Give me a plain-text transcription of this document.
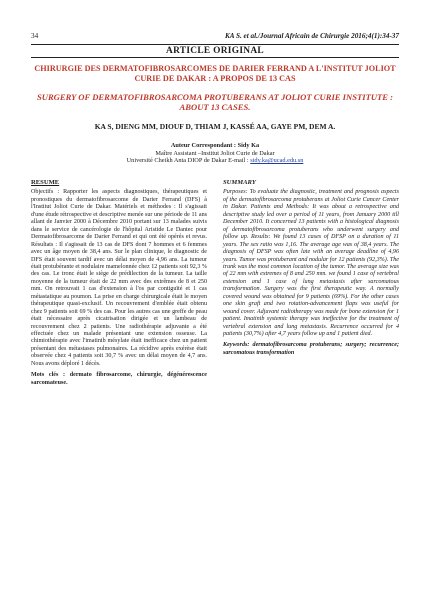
34	KA S. et al./Journal Africain de Chirurgie 2016;4(1):34-37
ARTICLE ORIGINAL
CHIRURGIE DES DERMATOFIBROSARCOMES DE DARIER FERRAND A L'INSTITUT JOLIOT CURIE DE DAKAR : A PROPOS DE 13 CAS
SURGERY OF DERMATOFIBROSARCOMA PROTUBERANS AT JOLIOT CURIE INSTITUTE : ABOUT 13 CASES.
KA S, DIENG MM, DIOUF D, THIAM J, KASSÉ AA, GAYE PM, DEM A.
Auteur Correspondant : Sidy Ka
Maître Assistant –Institut Joliot Curie de Dakar
Université Cheikh Anta DIOP de Dakar E-mail : sidy.ka@ucad.edu.sn
RESUME
Objectifs : Rapporter les aspects diagnostiques, thérapeutiques et pronostiques du dermatofibrosarcome de Darier Ferrand (DFS) à l'Institut Joliot Curie de Dakar. Matériels et méthodes : Il s'agissait d'une étude rétrospective et descriptive menée sur une période de 11 ans allant de Janvier 2000 à Décembre 2010 portant sur 13 malades suivis dans le service de cancérologie de l'hôpital Aristide Le Dantec pour Dermatofibrosarcome de Darier Ferrand et qui ont été opérés et revus. Résultats : Il s'agissait de 13 cas de DFS dont 7 hommes et 6 femmes avec un âge moyen de 38,4 ans. Sur le plan clinique, le diagnostic de DFS était souvent tardif avec un délai moyen de 4,96 ans. La tumeur était protubérante et nodulaire mamelonnée chez 12 patients soit 92,3 % des cas. Le tronc était le siège de prédilection de la tumeur. La taille moyenne de la tumeur était de 22 mm avec des extrêmes de 8 et 250 mm. On retrouvait 1 cas d'extension à l'os par contiguïté et 1 cas métastatique au poumon. La prise en charge chirurgicale était le moyen thérapeutique quasi-exclusif. Un recouvrement d'emblée était obtenu chez 9 patients soit 69 % des cas. Pour les autres cas une greffe de peau était nécessaire après cicatrisation dirigée et un lambeau de recouvrement chez 2 patients. Une radiothérapie adjuvante a été effectuée chez un malade présentant une extension osseuse. La chimiothérapie avec l'imatinib mésylate était inefficace chez un patient présentant des métastases pulmonaires. La récidive après exérèse était observée chez 4 patients soit 30,7 % avec un délai moyen de 4,7 ans. Nous avons déploré 1 décès.
Mots clés : dermato fibrosarcome, chirurgie, dégénérescence sarcomateuse.
SUMMARY
Purposes: To evaluate the diagnostic, treatment and prognosis aspects of the dermatofibrosarcoma protuberans at Joliot Curie Cancer Center in Dakar. Patients and Methods: It was about a retrospective and descriptive study led over a period of 11 years, from January 2000 till December 2010. It concerned 13 patients with a histological diagnosis of dermatofibrosarcoma protuberans who underwent surgery and follow up. Results: We found 13 cases of DFSP on a duration of 11 years. The sex ratio was 1,16. The average age was of 38,4 years. The diagnosis of DFSP was often late with an average deadline of 4,96 years. Tumor was protuberant and nodular for 12 patients (92,3%). The trunk was the most common location of the tumor. The average size was of 22 mm with extremes of 8 and 250 mm. we found 1 case of vertebral extension and 1 case of lung metastasis after sarcomatous transformation. Surgery was the first therapeutic way. A normally covered wound was obtained for 9 patients (69%). For the other cases one skin graft and two rotation-advancement flaps was useful for wound cover. Adjuvant radiotherapy was made for bone extension for 1 patient. Imatinib systemic therapy was ineffective for the treatment of vertebral extension and lung metastasis. Recurrence occurred for 4 patients (30,7%) after 4,7 years follow up and 1 patient died.
Keywords: dermatofibrosarcoma protuberans; surgery; recurrence; sarcomatous transformation
